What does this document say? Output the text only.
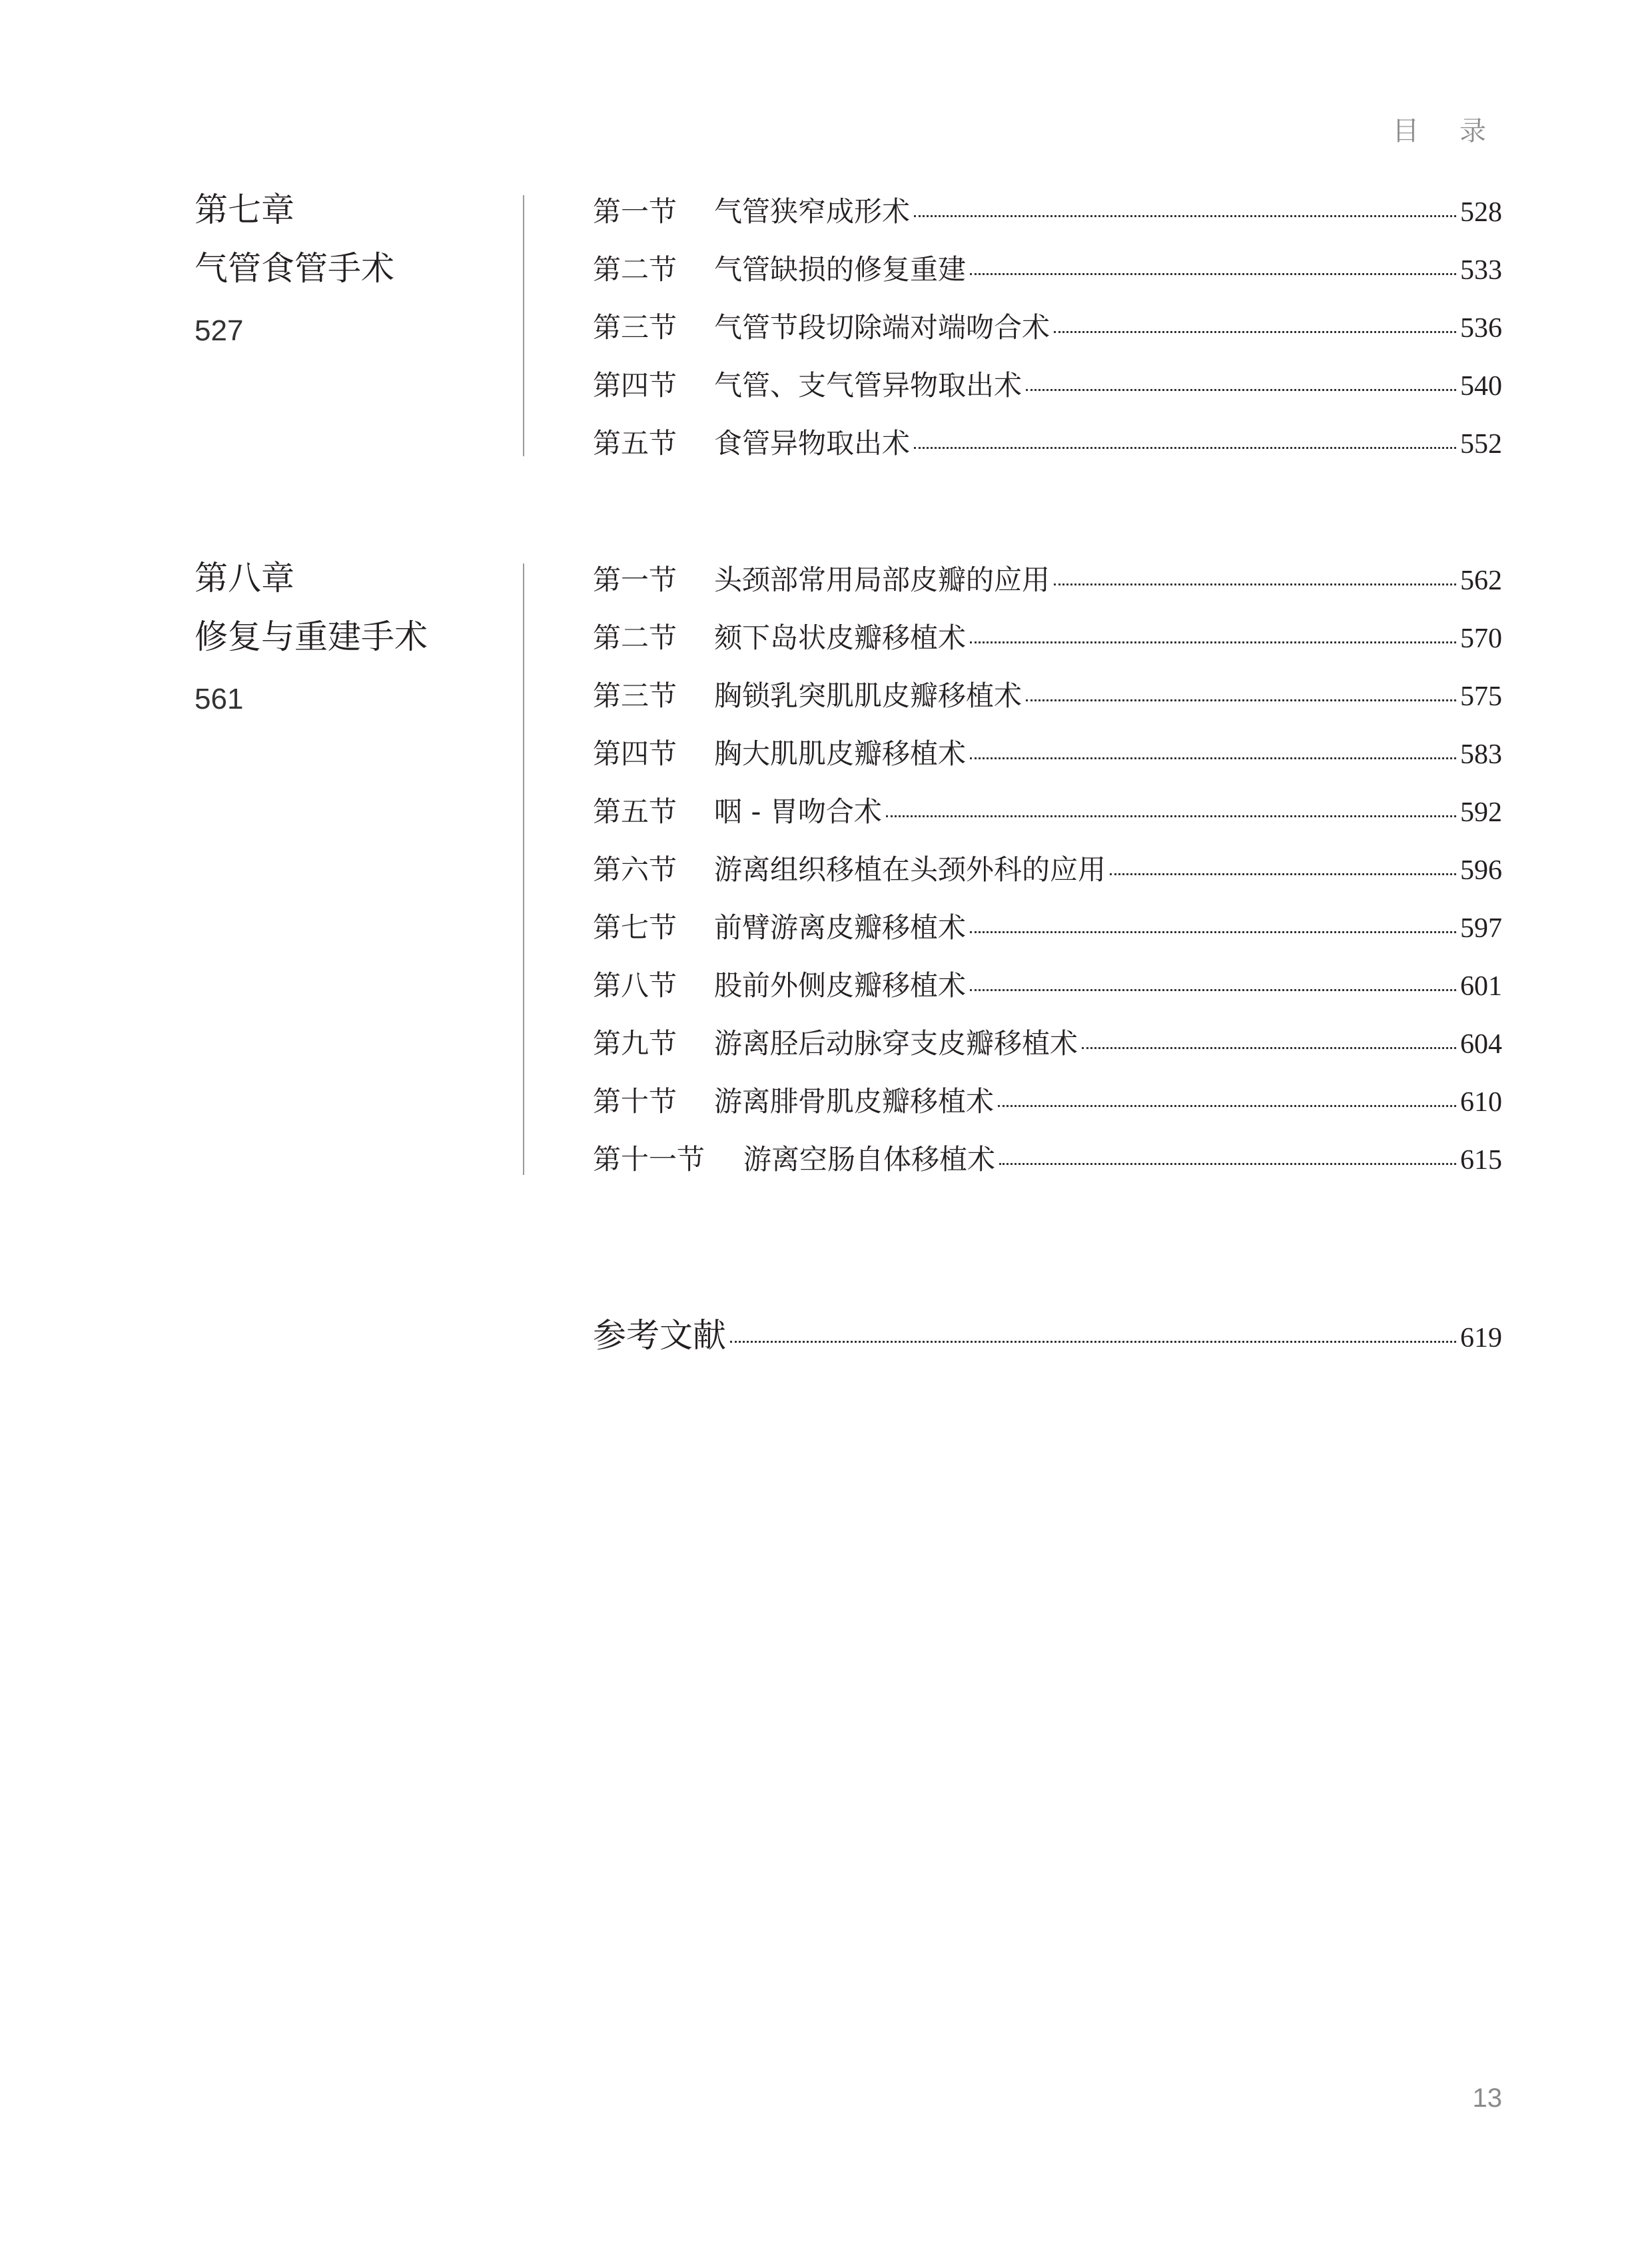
目 录
第七章
气管食管手术
527
第一节	气管狭窄成形术	528
第二节	气管缺损的修复重建	533
第三节	气管节段切除端对端吻合术	536
第四节	气管、支气管异物取出术	540
第五节	食管异物取出术	552
第八章
修复与重建手术
561
第一节	头颈部常用局部皮瓣的应用	562
第二节	颏下岛状皮瓣移植术	570
第三节	胸锁乳突肌肌皮瓣移植术	575
第四节	胸大肌肌皮瓣移植术	583
第五节	咽 - 胃吻合术	592
第六节	游离组织移植在头颈外科的应用	596
第七节	前臂游离皮瓣移植术	597
第八节	股前外侧皮瓣移植术	601
第九节	游离胫后动脉穿支皮瓣移植术	604
第十节	游离腓骨肌皮瓣移植术	610
第十一节	游离空肠自体移植术	615
参考文献	619
13
